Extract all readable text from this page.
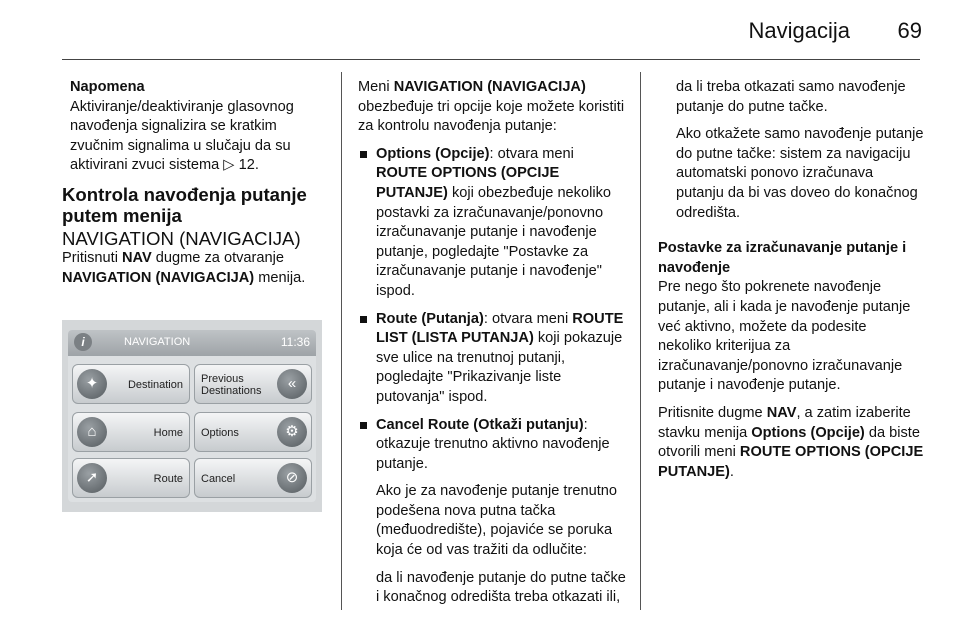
Navigacija 69

Napomena

Aktiviranje/deaktiviranje glasovnog navođenja signalizira se kratkim zvučnim signalima u slučaju da su aktivirani zvuci sistema ▷ 12.

Kontrola navođenja putanje putem menija

NAVIGATION (NAVIGACIJA)

Pritisnuti NAV dugme za otvaranje NAVIGATION (NAVIGACIJA) menija.

i	NAVIGATION	11:36
✦	Destination Previous Destinations	«
⌂	Home Options	⚙
➚	Route Cancel	⊘

Meni NAVIGATION (NAVIGACIJA) obezbeđuje tri opcije koje možete koristiti za kontrolu navođenja putanje:

Options (Opcije): otvara meni ROUTE OPTIONS (OPCIJE PUTANJE) koji obezbeđuje nekoliko postavki za izračunavanje/ponovno izračunavanje putanje i navođenje putanje, pogledajte "Postavke za izračunavanje putanje i navođenje" ispod.
Route (Putanja): otvara meni ROUTE LIST (LISTA PUTANJA) koji pokazuje sve ulice na trenutnoj putanji, pogledajte "Prikazivanje liste putovanja" ispod.
Cancel Route (Otkaži putanju): otkazuje trenutno aktivno navođenje putanje.

Ako je za navođenje putanje trenutno podešena nova putna tačka (međuodredište), pojaviće se poruka koja će od vas tražiti da odlučite:

da li navođenje putanje do putne tačke i konačnog odredišta treba otkazati ili,

da li treba otkazati samo navođenje putanje do putne tačke.

Ako otkažete samo navođenje putanje do putne tačke: sistem za navigaciju automatski ponovo izračunava putanju da bi vas doveo do konačnog odredišta.

Postavke za izračunavanje putanje i navođenje

Pre nego što pokrenete navođenje putanje, ali i kada je navođenje putanje već aktivno, možete da podesite nekoliko kriterijua za izračunavanje/ponovno izračunavanje putanje i navođenje putanje.

Pritisnite dugme NAV, a zatim izaberite stavku menija Options (Opcije) da biste otvorili meni ROUTE OPTIONS (OPCIJE PUTANJE).
